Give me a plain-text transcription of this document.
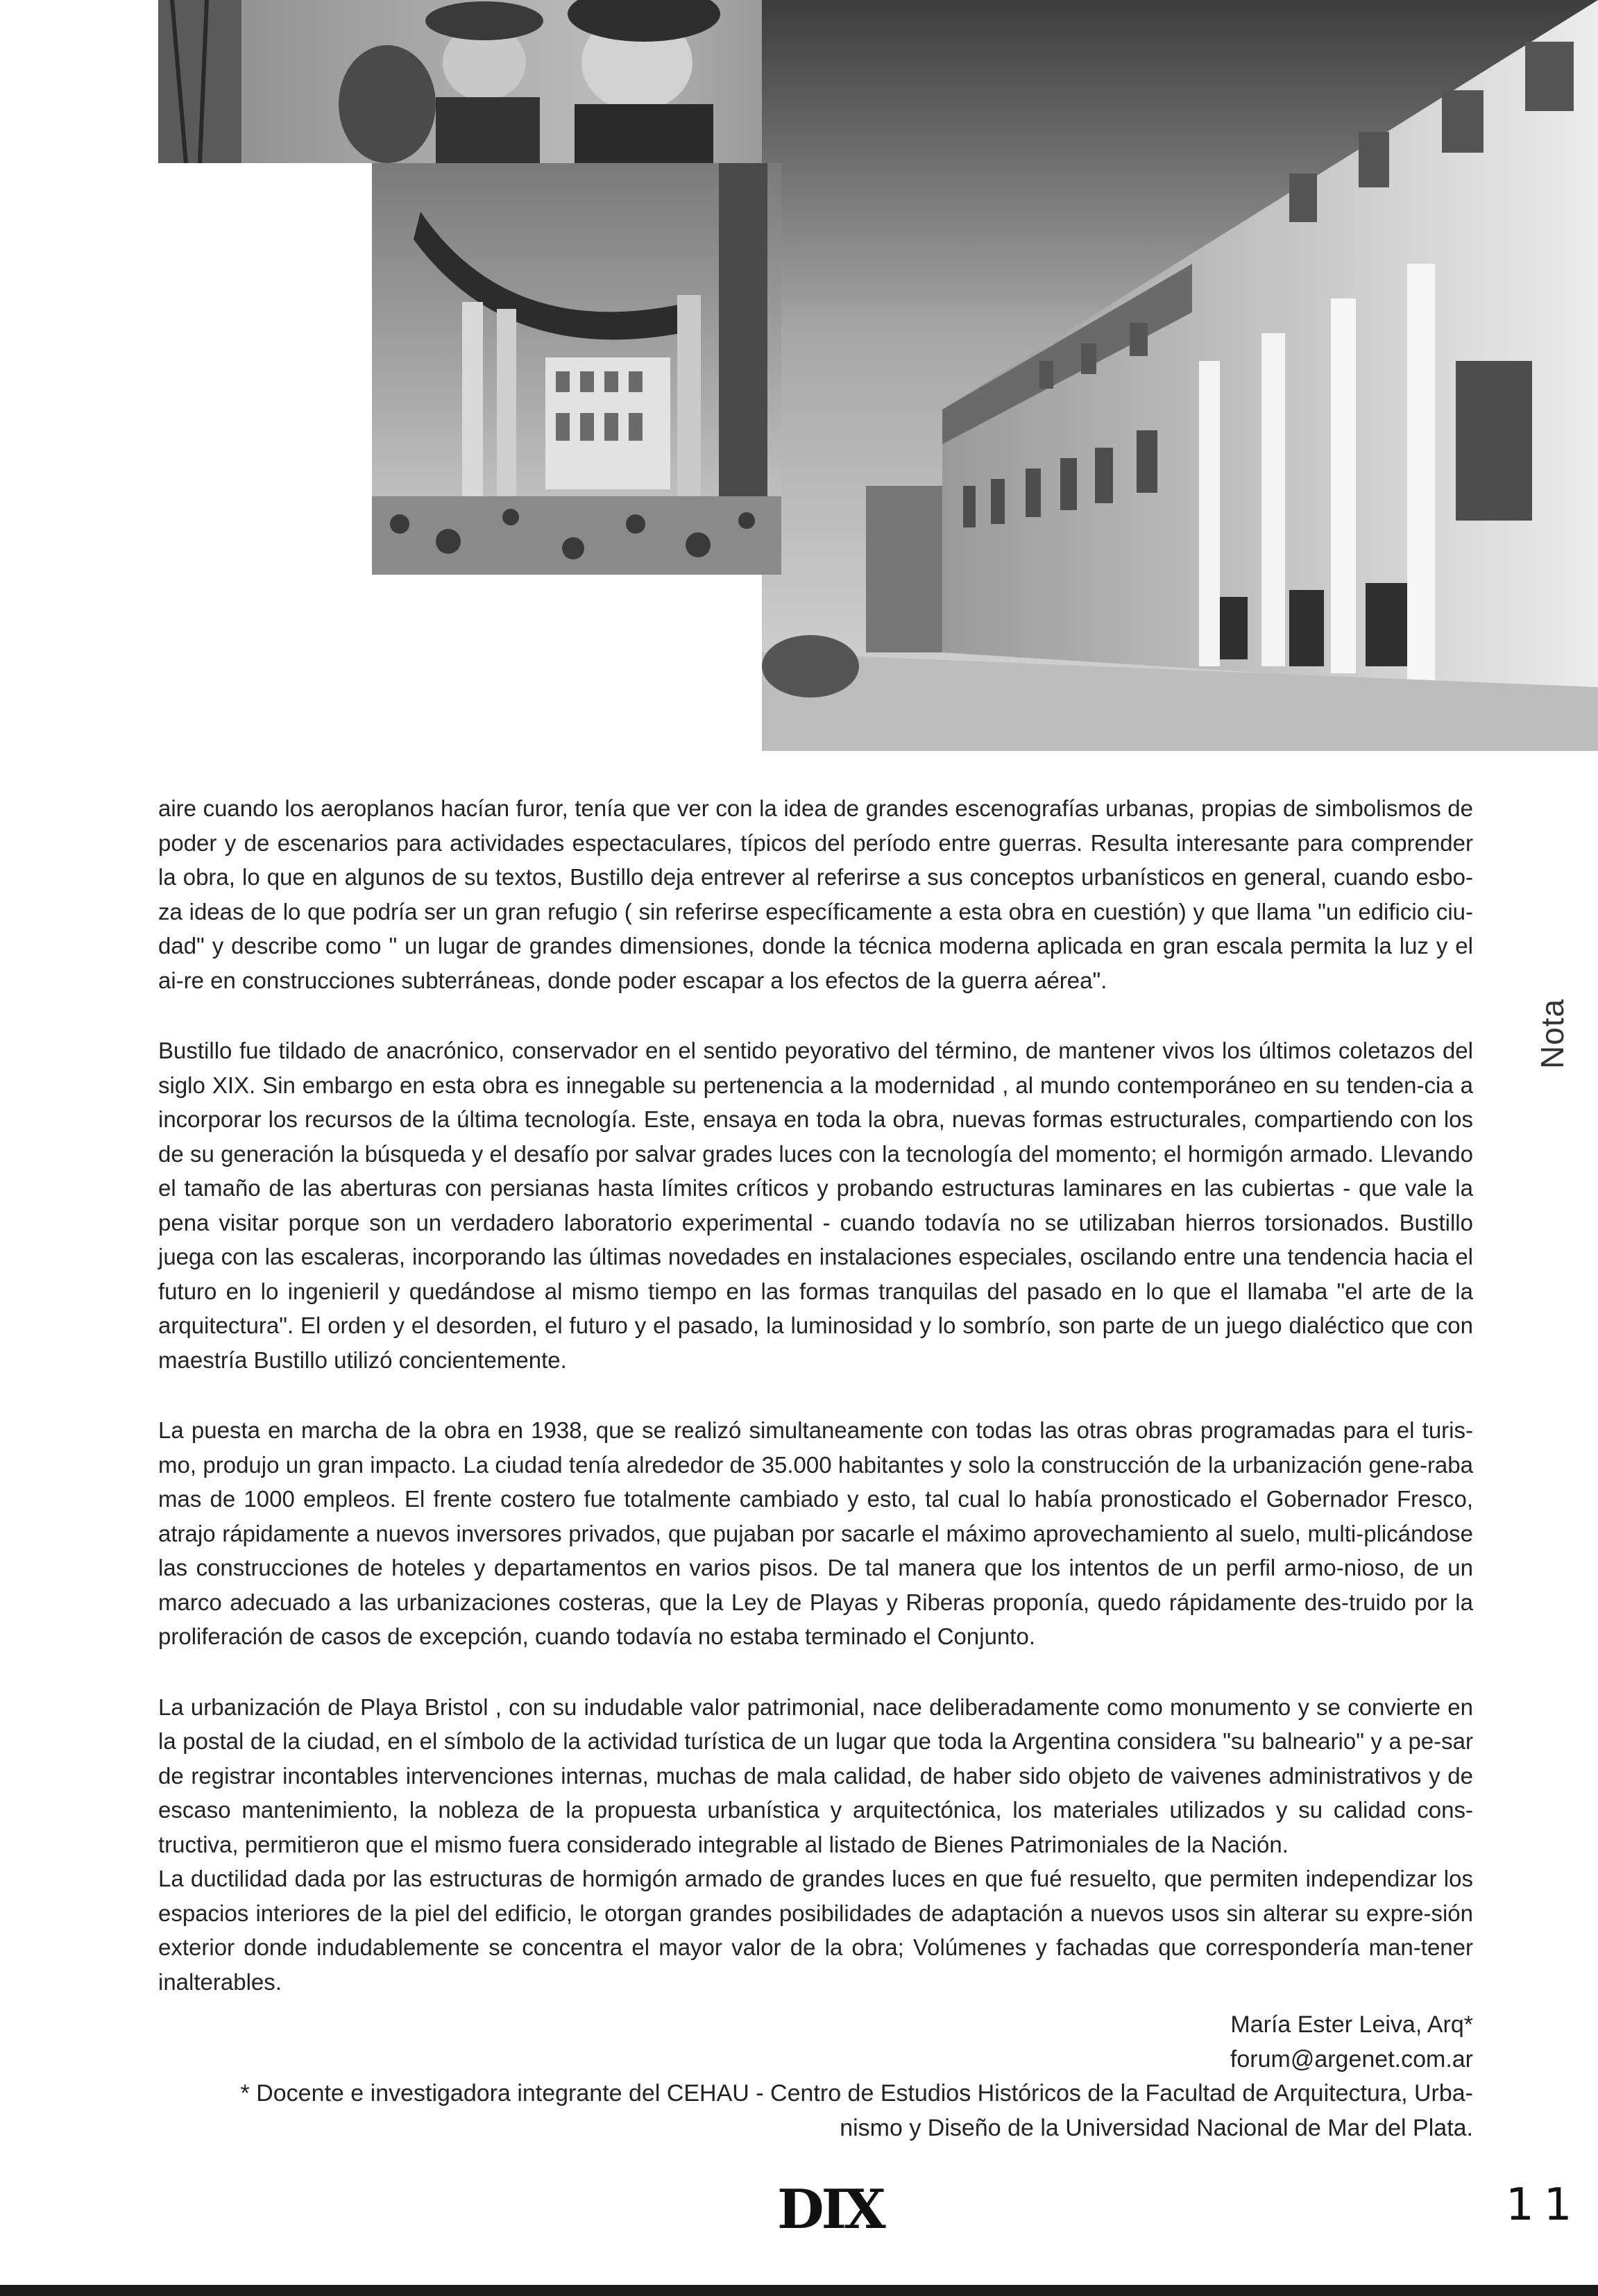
aire cuando los aeroplanos hacían furor, tenía que ver con la idea de grandes escenografías urbanas, propias de simbolismos de poder y de escenarios para actividades espectaculares, típicos del período entre guerras. Resulta interesante para comprender la obra, lo que en algunos de su textos, Bustillo deja entrever al referirse a sus conceptos urbanísticos en general, cuando esbo-za ideas de lo que podría ser un gran refugio ( sin referirse específicamente a esta obra en cuestión) y que llama "un edificio ciu-dad" y describe como " un lugar de grandes dimensiones, donde la técnica moderna aplicada en gran escala permita la luz y el ai-re en construcciones subterráneas, donde poder escapar a los efectos de la guerra aérea".

Bustillo fue tildado de anacrónico, conservador en el sentido peyorativo del término, de mantener vivos los últimos coletazos del siglo XIX. Sin embargo en esta obra es innegable su pertenencia a la modernidad , al mundo contemporáneo en su tenden-cia a incorporar los recursos de la última tecnología. Este, ensaya en toda la obra, nuevas formas estructurales, compartiendo con los de su generación la búsqueda y el desafío por salvar grades luces con la tecnología del momento; el hormigón armado. Llevando el tamaño de las aberturas con persianas hasta límites críticos y probando estructuras laminares en las cubiertas - que vale la pena visitar porque son un verdadero laboratorio experimental - cuando todavía no se utilizaban hierros torsionados. Bustillo juega con las escaleras, incorporando las últimas novedades en instalaciones especiales, oscilando entre una tendencia hacia el futuro en lo ingenieril y quedándose al mismo tiempo en las formas tranquilas del pasado en lo que el llamaba "el arte de la arquitectura". El orden y el desorden, el futuro y el pasado, la luminosidad y lo sombrío, son parte de un juego dialéctico que con maestría Bustillo utilizó concientemente.

La puesta en marcha de la obra en 1938, que se realizó simultaneamente con todas las otras obras programadas para el turis-mo, produjo un gran impacto. La ciudad tenía alrededor de 35.000 habitantes y solo la construcción de la urbanización gene-raba mas de 1000 empleos. El frente costero fue totalmente cambiado y esto, tal cual lo había pronosticado el Gobernador Fresco, atrajo rápidamente a nuevos inversores privados, que pujaban por sacarle el máximo aprovechamiento al suelo, multi-plicándose las construcciones de hoteles y departamentos en varios pisos. De tal manera que los intentos de un perfil armo-nioso, de un marco adecuado a las urbanizaciones costeras, que la Ley de Playas y Riberas proponía, quedo rápidamente des-truido por la proliferación de casos de excepción, cuando todavía no estaba terminado el Conjunto.

La urbanización de Playa Bristol , con su indudable valor patrimonial, nace deliberadamente como monumento y se convierte en la postal de la ciudad, en el símbolo de la actividad turística de un lugar que toda la Argentina considera "su balneario" y a pe-sar de registrar incontables intervenciones internas, muchas de mala calidad, de haber sido objeto de vaivenes administrativos y de escaso mantenimiento, la nobleza de la propuesta urbanística y arquitectónica, los materiales utilizados y su calidad cons-tructiva, permitieron que el mismo fuera considerado integrable al listado de Bienes Patrimoniales de la Nación.
La ductilidad dada por las estructuras de hormigón armado de grandes luces en que fué resuelto, que permiten independizar los espacios interiores de la piel del edificio, le otorgan grandes posibilidades de adaptación a nuevos usos sin alterar su expre-sión exterior donde indudablemente se concentra el mayor valor de la obra; Volúmenes y fachadas que correspondería man-tener inalterables.

Nota
María Ester Leiva, Arq*
forum@argenet.com.ar
* Docente e investigadora integrante del CEHAU - Centro de Estudios Históricos de la Facultad de Arquitectura, Urba-
nismo y Diseño de la Universidad Nacional de Mar del Plata.
DIX	11
